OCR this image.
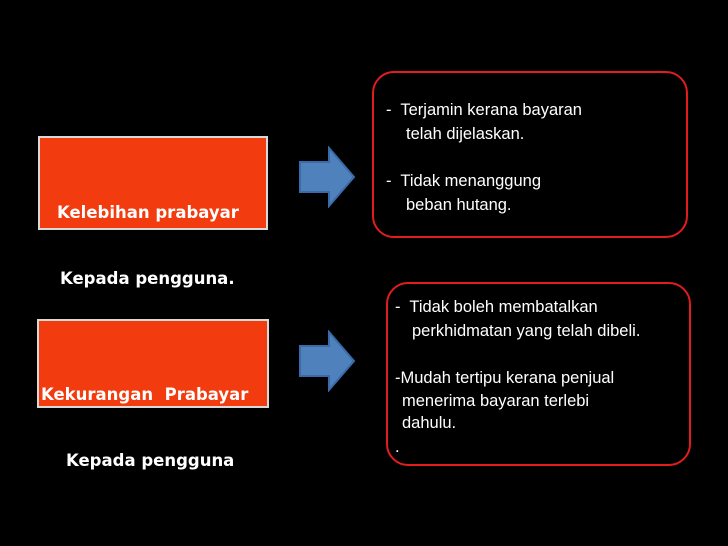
Kelebihan prabayar

Kepada pengguna.

-  Terjamin kerana bayaran
telah dijelaskan.
-  Tidak menanggung
beban hutang.

Kekurangan  Prabayar

Kepada pengguna

-  Tidak boleh membatalkan
perkhidmatan yang telah dibeli.
-Mudah tertipu kerana penjual
menerima bayaran terlebi
dahulu.
.
